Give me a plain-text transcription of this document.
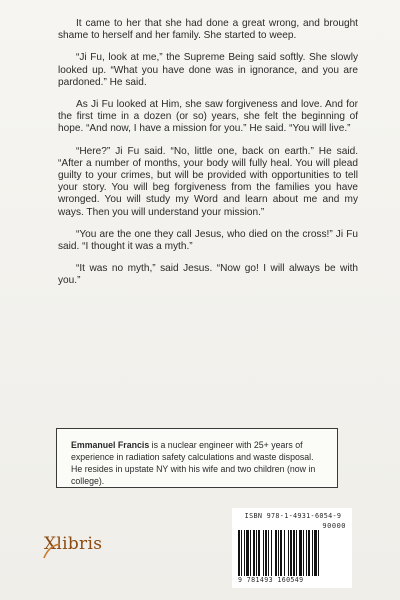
It came to her that she had done a great wrong, and brought shame to herself and her family. She started to weep.

“Ji Fu, look at me,” the Supreme Being said softly. She slowly looked up. “What you have done was in ignorance, and you are pardoned.” He said.

As Ji Fu looked at Him, she saw forgiveness and love. And for the first time in a dozen (or so) years, she felt the beginning of hope. “And now, I have a mission for you.” He said. “You will live.”

“Here?” Ji Fu said. “No, little one, back on earth.” He said. “After a number of months, your body will fully heal. You will plead guilty to your crimes, but will be provided with opportunities to tell your story. You will beg forgiveness from the families you have wronged. You will study my Word and learn about me and my ways. Then you will understand your mission.”

“You are the one they call Jesus, who died on the cross!” Ji Fu said. “I thought it was a myth.”

“It was no myth,” said Jesus. “Now go! I will always be with you.”

Emmanuel Francis is a nuclear engineer with 25+ years of experience in radiation safety calculations and waste disposal. He resides in upstate NY with his wife and two children (now in college).
Xlibris
ISBN 978-1-4931-6054-9
90000
9 781493 160549
